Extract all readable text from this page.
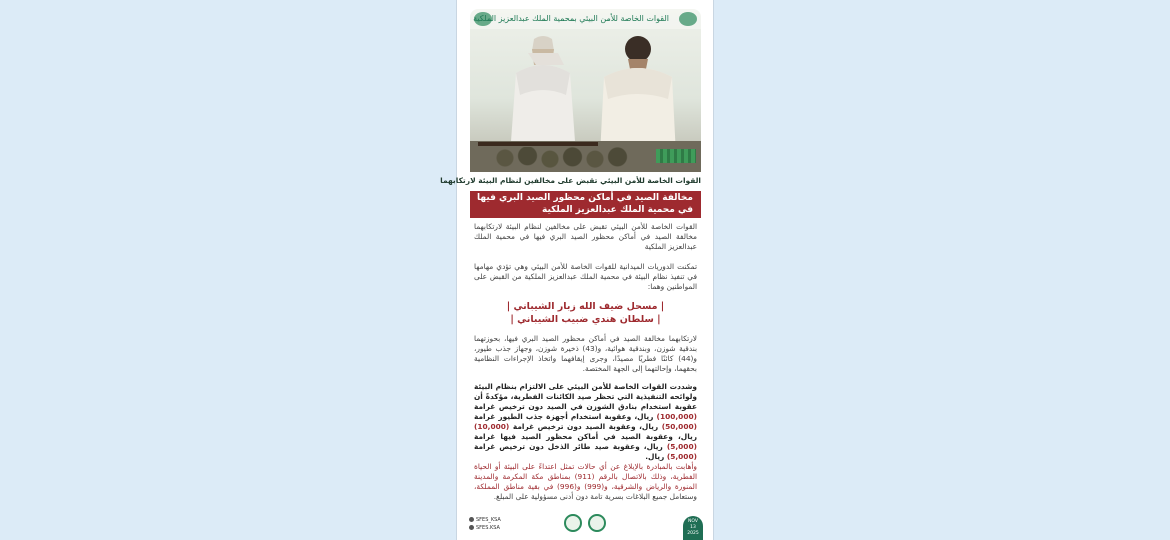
القوات الخاصة للأمن البيئي بمحمية الملك عبدالعزيز الملكية
القوات الخاصة للأمن البيئي تقبض على مخالفين لنظام البيئة لارتكابهما
مخالفة الصيد في أماكن محظور الصيد البري فيها
في محمية الملك عبدالعزيز الملكية
القوات الخاصة للأمن البيئي تقبض على مخالفين لنظام البيئة لارتكابهما مخالفة الصيد في أماكن محظور الصيد البري فيها في محمية الملك عبدالعزيز الملكية
تمكنت الدوريات الميدانية للقوات الخاصة للأمن البيئي وهي تؤدي مهامها في تنفيذ نظام البيئة في محمية الملك عبدالعزيز الملكية من القبض على المواطنين وهما:
| مسحل ضيف الله زبار الشيباني |
| سلطان هندي ضبيب الشيباني |
لارتكابهما مخالفة الصيد في أماكن محظور الصيد البري فيها، بحوزتهما بندقية شوزن، وبندقية هوائية، و(43) ذخيرة شوزن، وجهاز جذب طيور، و(44) كائنًا فطريًا مصيدًا، وجرى إيقافهما واتخاذ الإجراءات النظامية بحقهما، وإحالتهما إلى الجهة المختصة.
وشددت القوات الخاصة للأمن البيئي على الالتزام بنظام البيئة ولوائحه التنفيذية التي تحظر صيد الكائنات الفطرية، مؤكدةً أن عقوبة استخدام بنادق الشوزن في الصيد دون ترخيص غرامة (100,000) ريال، وعقوبة استخدام أجهزة جذب الطيور غرامة (50,000) ريال، وعقوبة الصيد دون ترخيص غرامة (10,000) ريال، وعقوبة الصيد في أماكن محظور الصيد فيها غرامة (5,000) ريال، وعقوبة صيد طائر الذخل دون ترخيص غرامة (5,000) ريال.
وأهابت بالمبادرة بالإبلاغ عن أي حالات تمثل اعتداءً على البيئة أو الحياة الفطرية، وذلك بالاتصال بالرقم (911) بمناطق مكة المكرمة والمدينة المنورة والرياض والشرقية، و(999) و(996) في بقية مناطق المملكة، وستعامل جميع البلاغات بسرية تامة دون أدنى مسؤولية على المبلغ.
SFES_KSA
SFES.KSA
NOV
13
2025
